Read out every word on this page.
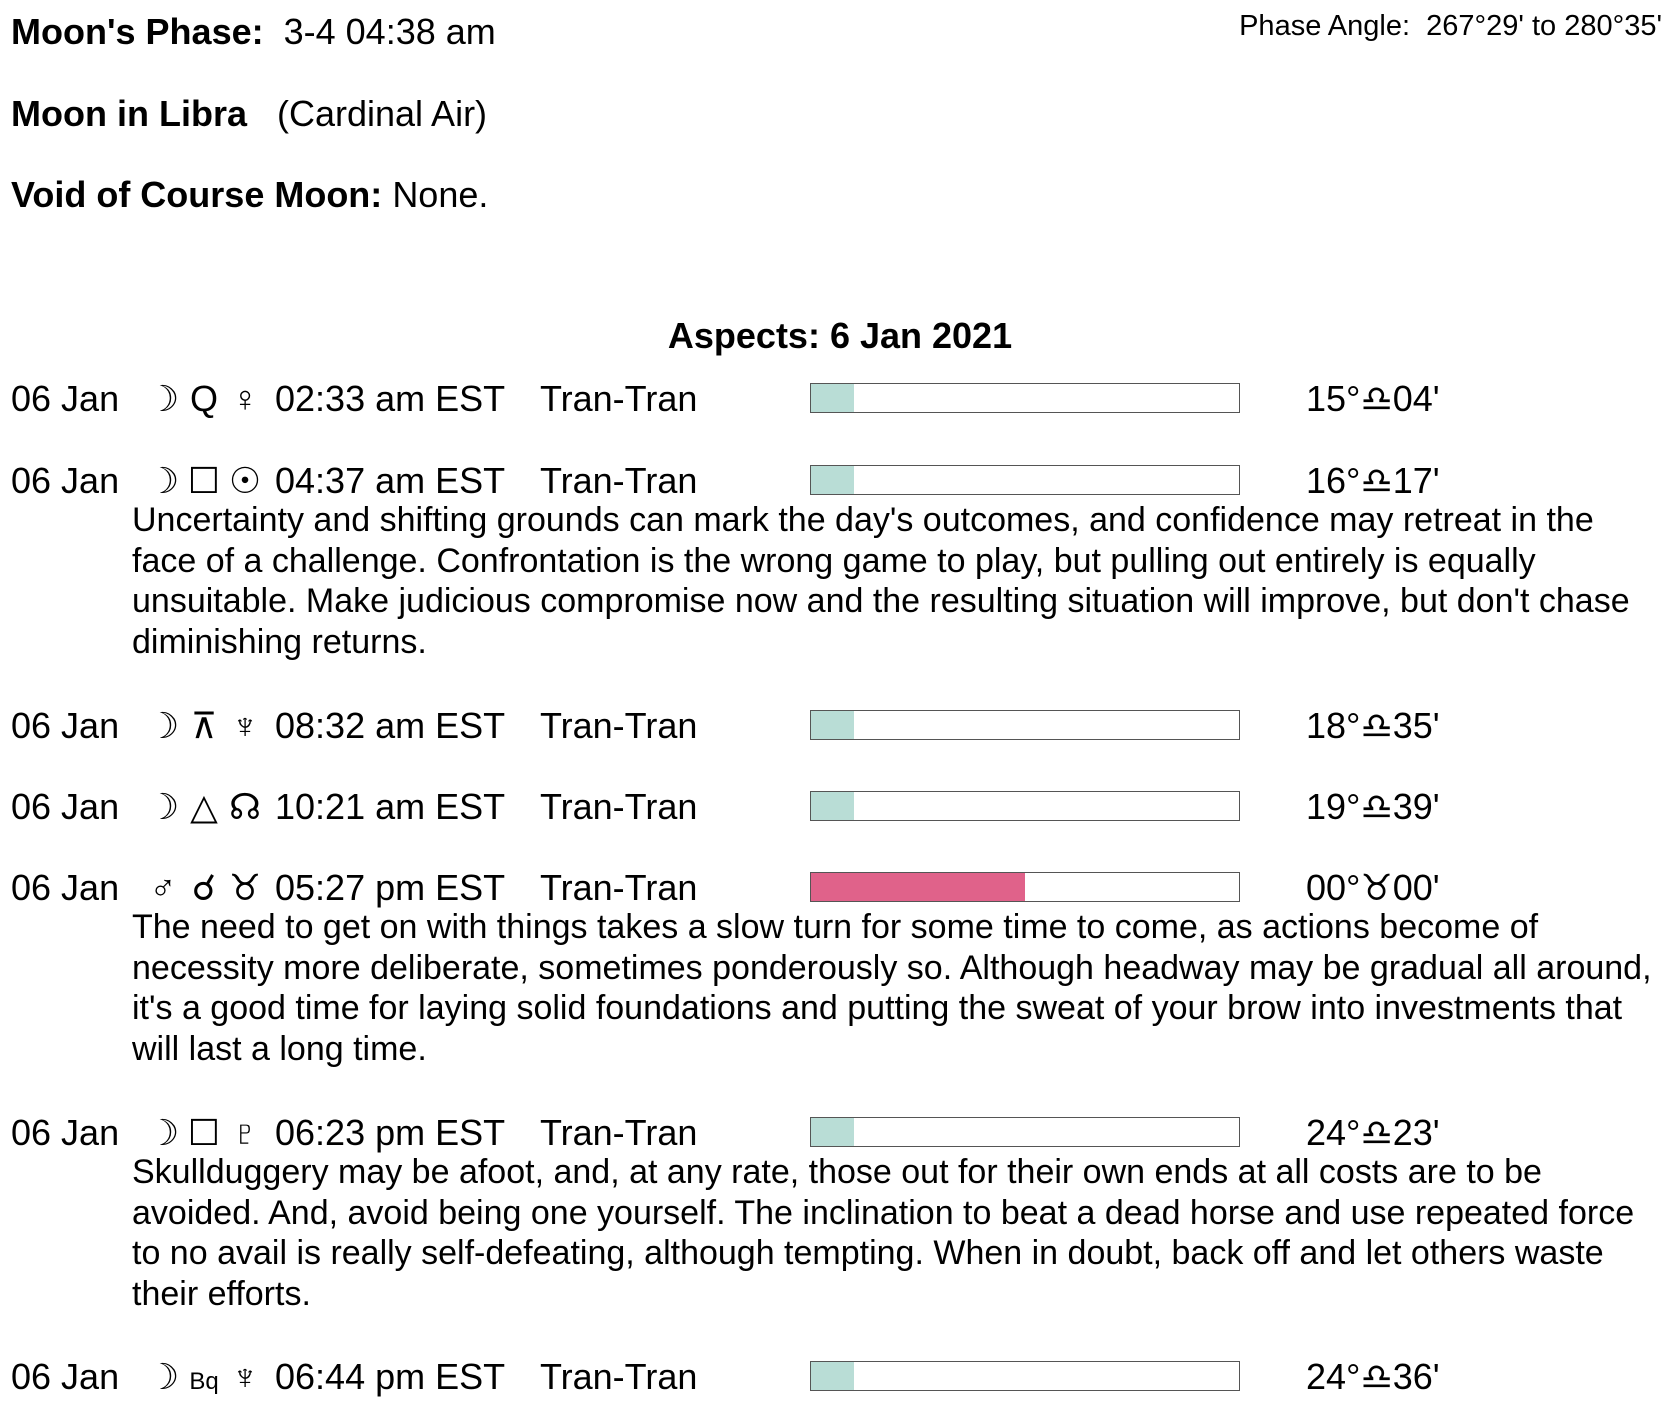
Moon's Phase: 3-4 04:38 am	Phase Angle: 267°29' to 280°35'
Moon in Libra (Cardinal Air)
Void of Course Moon: None.
Aspects: 6 Jan 2021
06 Jan ☽ Q ♀ 02:33 am EST Tran-Tran	15°♎04'
06 Jan ☽ ☐ ☉ 04:37 am EST Tran-Tran	16°♎17'
Uncertainty and shifting grounds can mark the day's outcomes, and confidence may retreat in the face of a challenge. Confrontation is the wrong game to play, but pulling out entirely is equally unsuitable. Make judicious compromise now and the resulting situation will improve, but don't chase diminishing returns.
06 Jan ☽ ⊼ ♆ 08:32 am EST Tran-Tran	18°♎35'
06 Jan ☽ △ ☊ 10:21 am EST Tran-Tran	19°♎39'
06 Jan ♂ ☌ ♉ 05:27 pm EST Tran-Tran	00°♉00'
The need to get on with things takes a slow turn for some time to come, as actions become of necessity more deliberate, sometimes ponderously so. Although headway may be gradual all around, it's a good time for laying solid foundations and putting the sweat of your brow into investments that will last a long time.
06 Jan ☽ ☐ ♇ 06:23 pm EST Tran-Tran	24°♎23'
Skullduggery may be afoot, and, at any rate, those out for their own ends at all costs are to be avoided. And, avoid being one yourself. The inclination to beat a dead horse and use repeated force to no avail is really self-defeating, although tempting. When in doubt, back off and let others waste their efforts.
06 Jan ☽ Bq ♆ 06:44 pm EST Tran-Tran	24°♎36'
